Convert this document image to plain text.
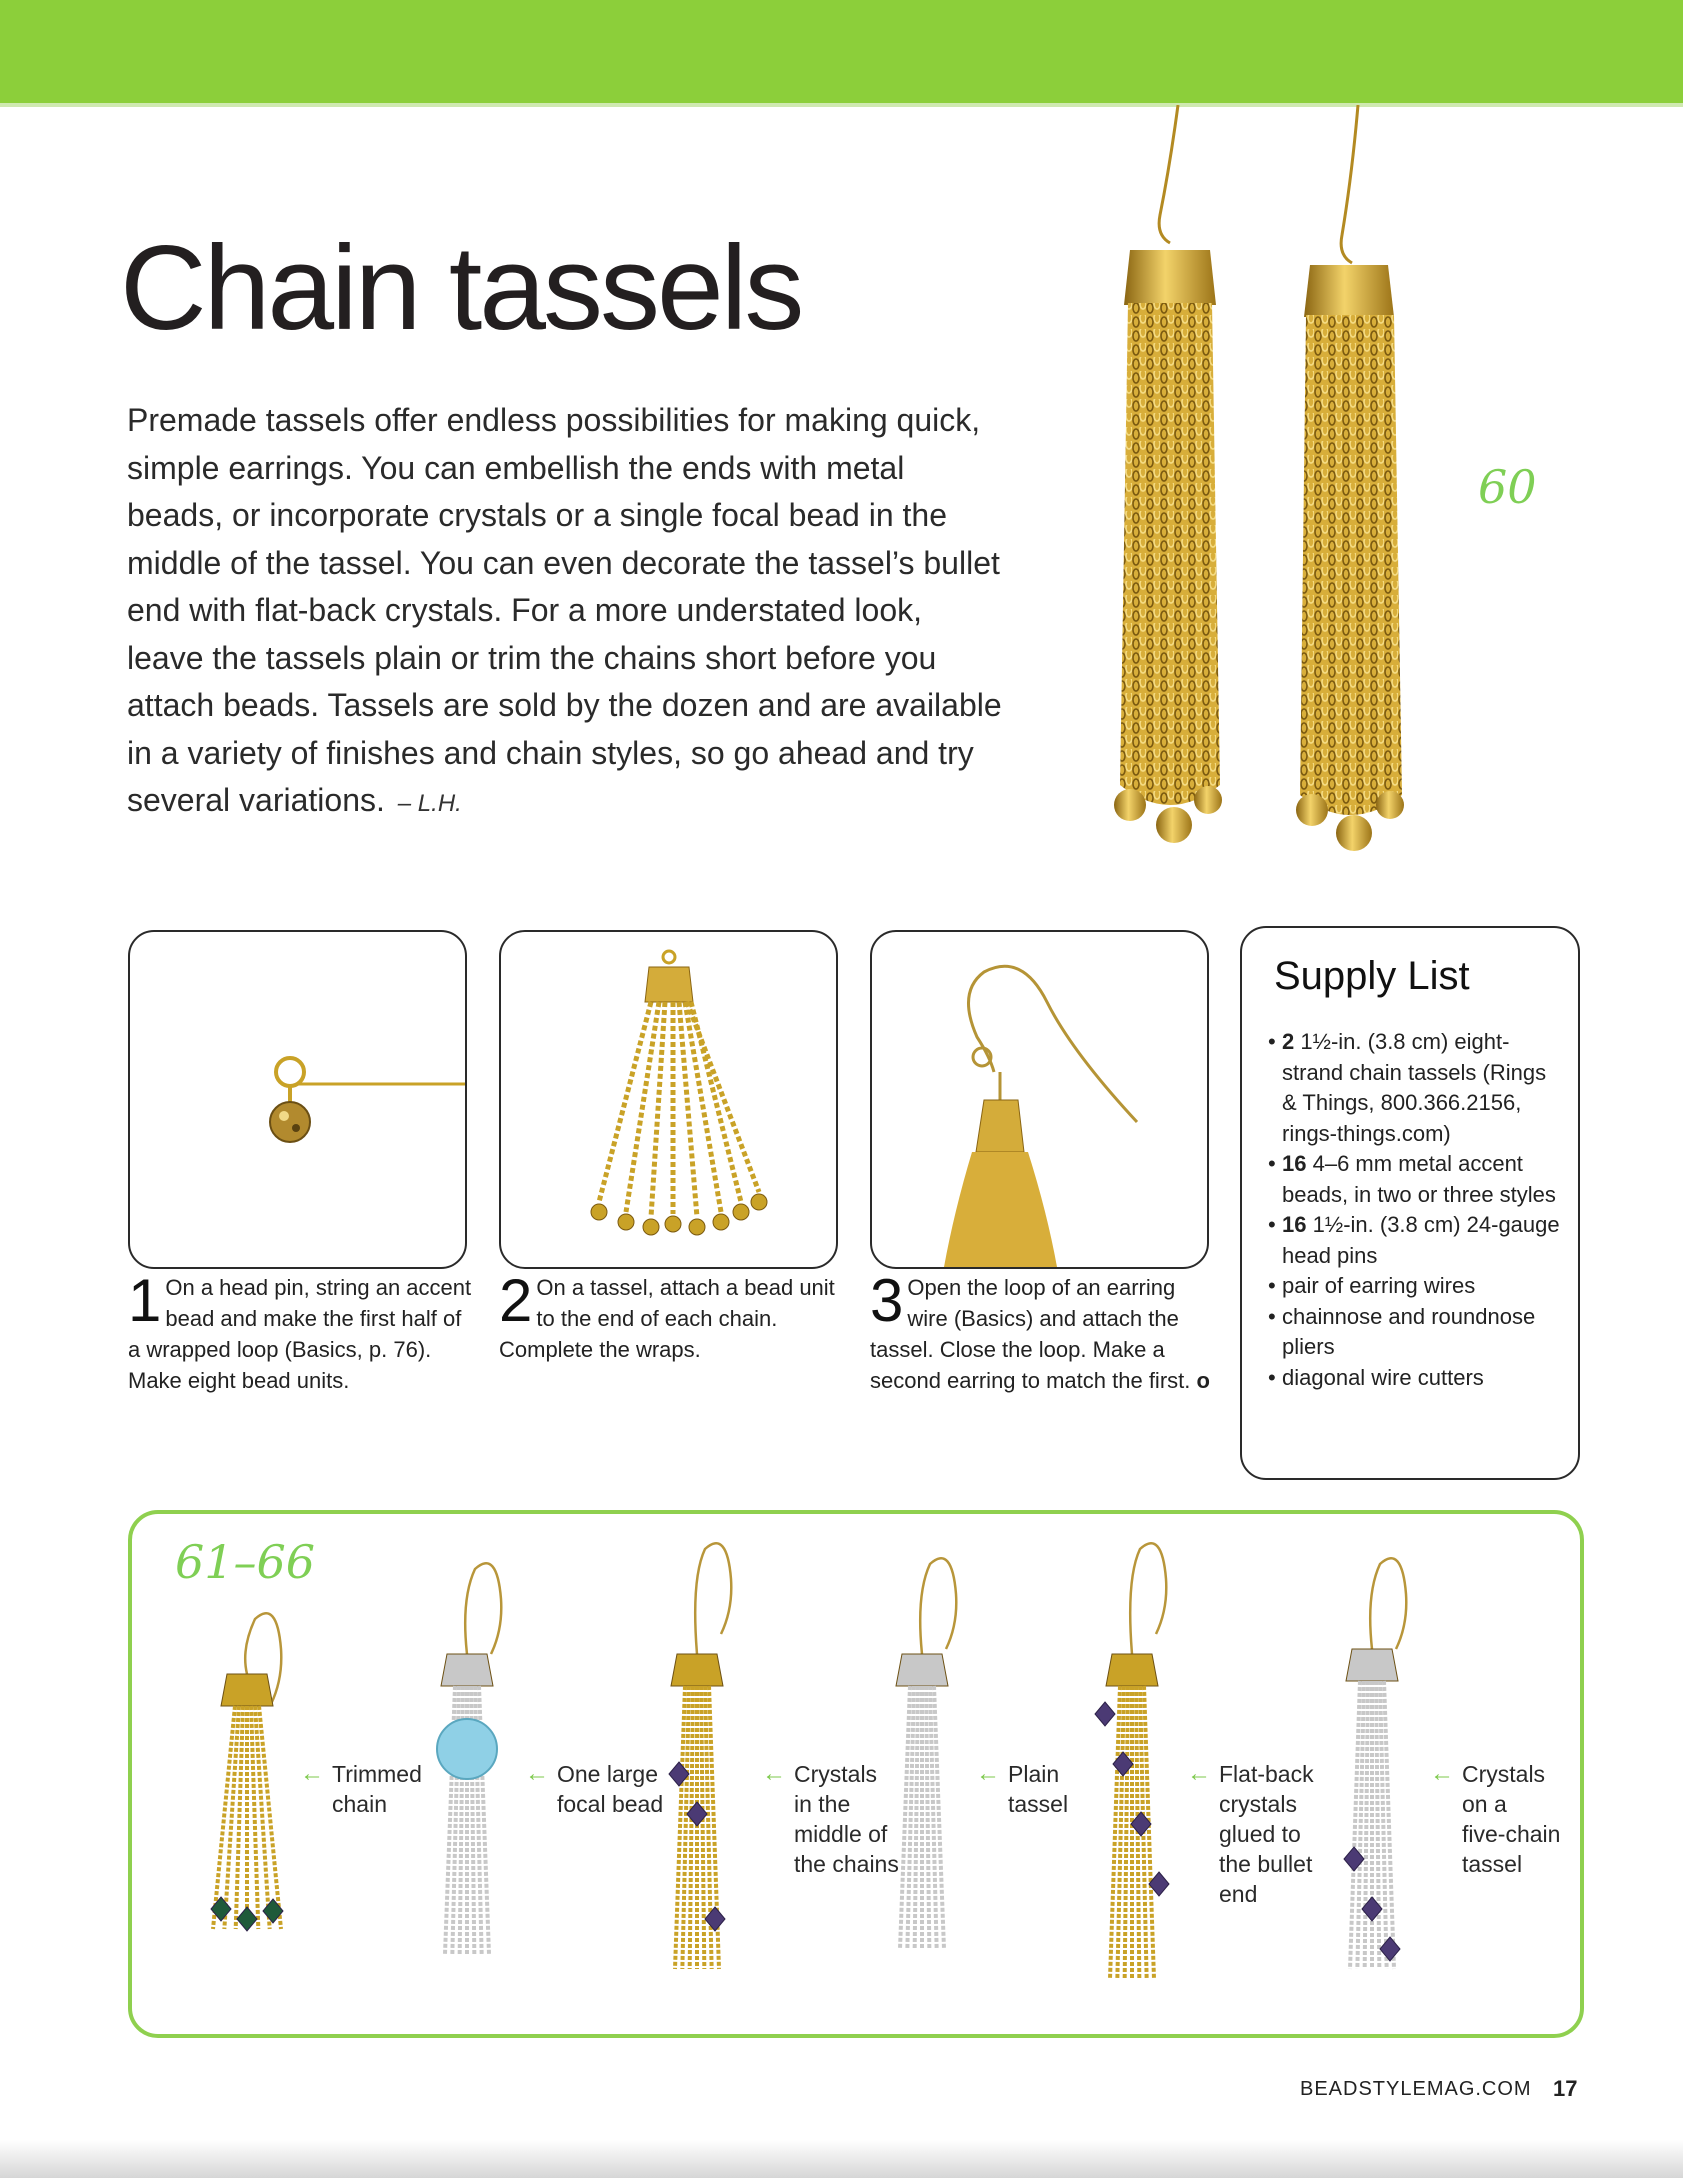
Chain tassels

Premade tassels offer endless possibilities for making quick, simple earrings. You can embellish the ends with metal beads, or incorporate crystals or a single focal bead in the middle of the tassel. You can even decorate the tassel’s bullet end with flat-back crystals. For a more understated look, leave the tassels plain or trim the chains short before you attach beads. Tassels are sold by the dozen and are available in a variety of finishes and chain styles, so go ahead and try several variations. – L.H.

60

1 On a head pin, string an accent bead and make the first half of a wrapped loop (Basics, p. 76). Make eight bead units.

2 On a tassel, attach a bead unit to the end of each chain. Complete the wraps.

3 Open the loop of an earring wire (Basics) and attach the tassel. Close the loop. Make a second earring to match the first. o

Supply List
• 2 1½-in. (3.8 cm) eight-strand chain tassels (Rings & Things, 800.366.2156, rings-things.com)
• 16 4–6 mm metal accent beads, in two or three styles
• 16 1½-in. (3.8 cm) 24-gauge head pins
• pair of earring wires
• chainnose and roundnose pliers
• diagonal wire cutters
← Trimmed
chain
← One large
focal bead
← Crystals
in the
middle of
the chains
← Plain
tassel
← Flat-back
crystals
glued to
the bullet
end
← Crystals
on a
five-chain
tassel
61–66
BEADSTYLEMAG.COM 17
